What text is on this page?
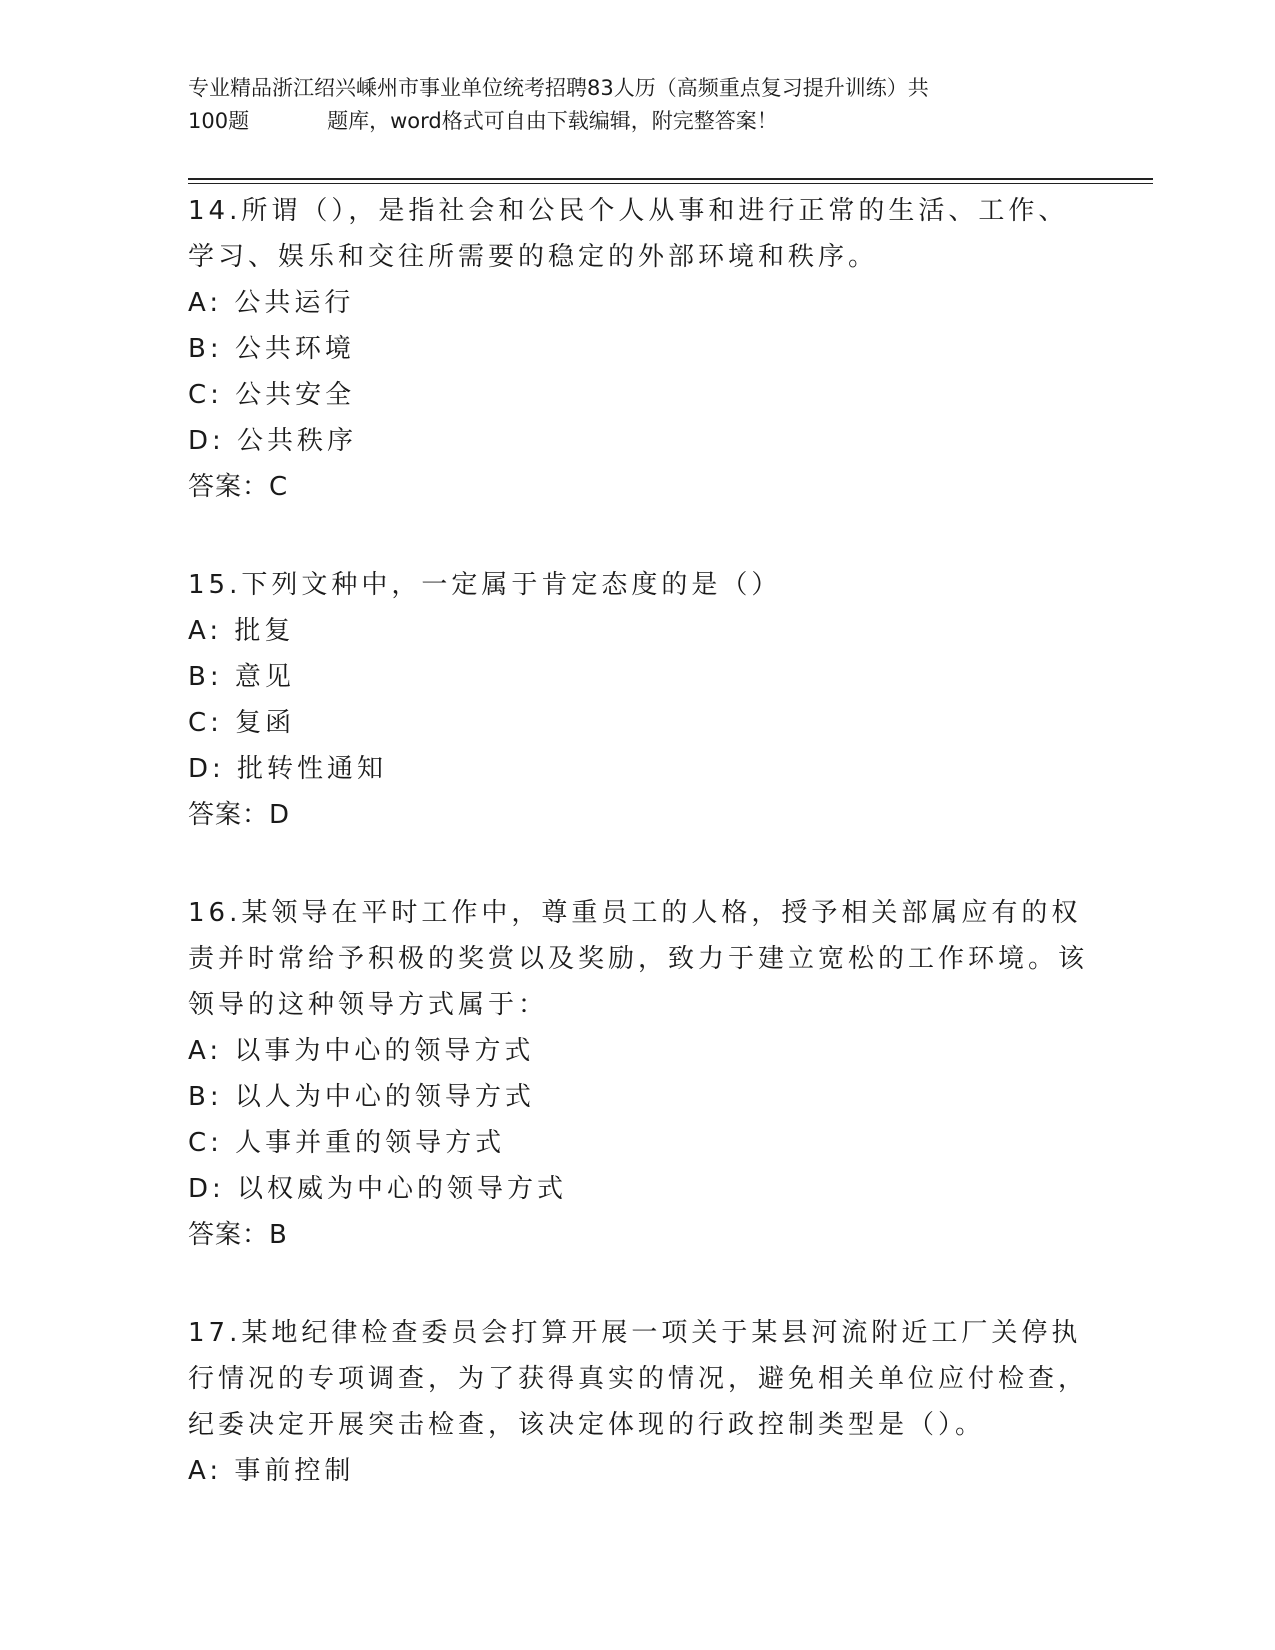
专业精品浙江绍兴嵊州市事业单位统考招聘83人历（高频重点复习提升训练）共
100题	题库，word格式可自由下载编辑，附完整答案！

14.所谓（），是指社会和公民个人从事和进行正常的生活、工作、学习、娱乐和交往所需要的稳定的外部环境和秩序。

A: 公共运行

B: 公共环境

C: 公共安全

D: 公共秩序

答案：C

15.下列文种中，一定属于肯定态度的是（）

A: 批复

B: 意见

C: 复函

D: 批转性通知

答案：D

16.某领导在平时工作中，尊重员工的人格，授予相关部属应有的权责并时常给予积极的奖赏以及奖励，致力于建立宽松的工作环境。该领导的这种领导方式属于：

A: 以事为中心的领导方式

B: 以人为中心的领导方式

C: 人事并重的领导方式

D: 以权威为中心的领导方式

答案：B

17.某地纪律检查委员会打算开展一项关于某县河流附近工厂关停执行情况的专项调查，为了获得真实的情况，避免相关单位应付检查，纪委决定开展突击检查，该决定体现的行政控制类型是（）。

A: 事前控制
